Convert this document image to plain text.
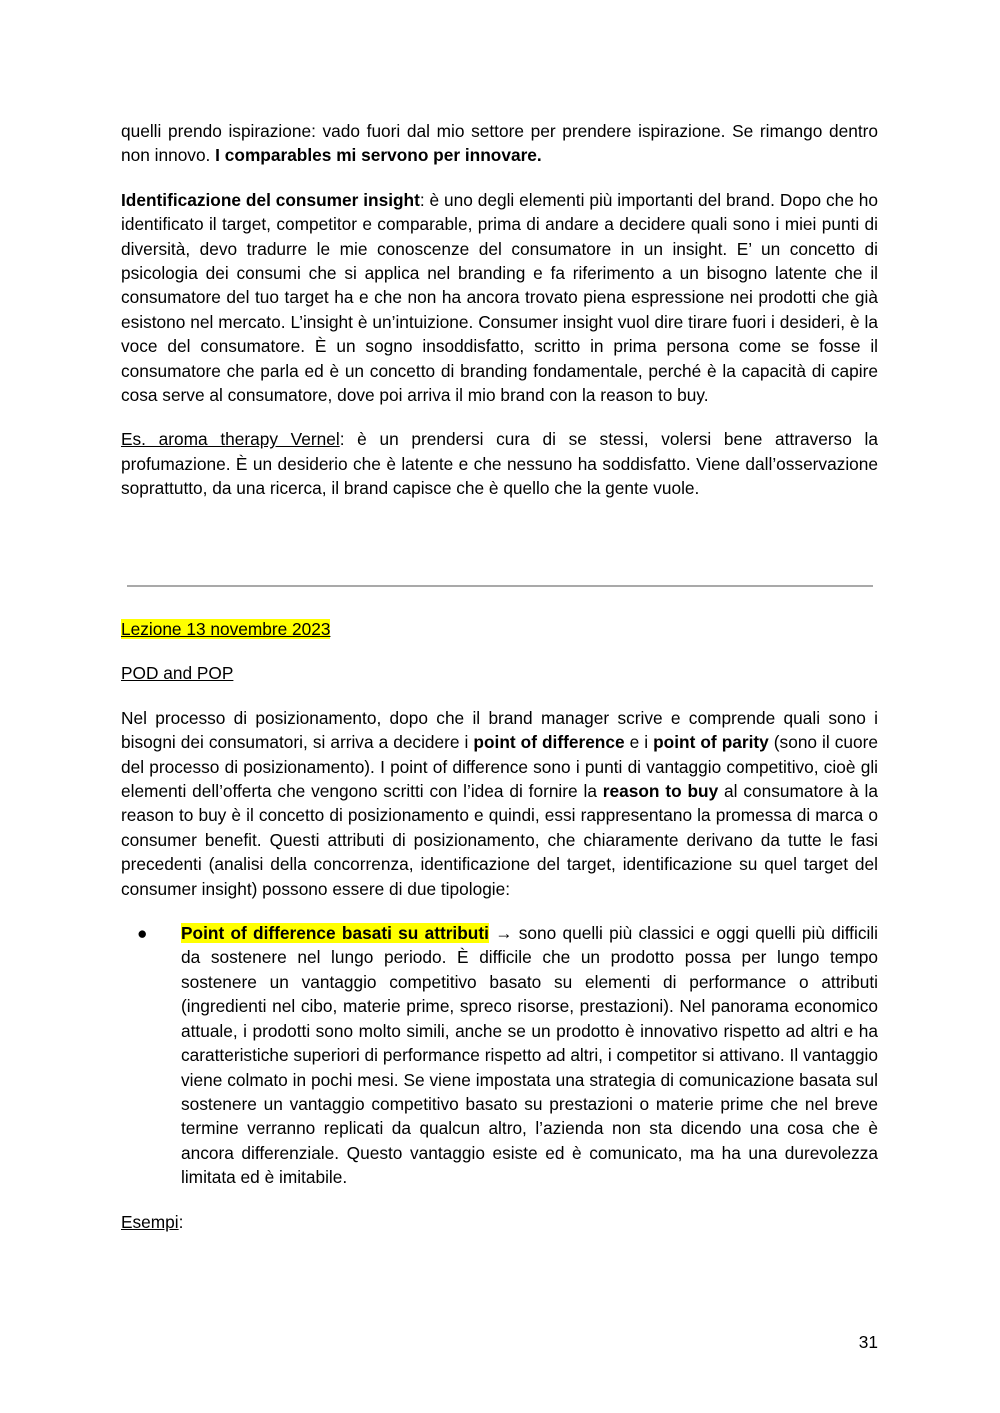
quelli prendo ispirazione: vado fuori dal mio settore per prendere ispirazione. Se rimango dentro non innovo. I comparables mi servono per innovare.

Identificazione del consumer insight: è uno degli elementi più importanti del brand. Dopo che ho identificato il target, competitor e comparable, prima di andare a decidere quali sono i miei punti di diversità, devo tradurre le mie conoscenze del consumatore in un insight. E’ un concetto di psicologia dei consumi che si applica nel branding e fa riferimento a un bisogno latente che il consumatore del tuo target ha e che non ha ancora trovato piena espressione nei prodotti che già esistono nel mercato. L’insight è un’intuizione. Consumer insight vuol dire tirare fuori i desideri, è la voce del consumatore. È un sogno insoddisfatto, scritto in prima persona come se fosse il consumatore che parla ed è un concetto di branding fondamentale, perché è la capacità di capire cosa serve al consumatore, dove poi arriva il mio brand con la reason to buy.

Es. aroma therapy Vernel: è un prendersi cura di se stessi, volersi bene attraverso la profumazione. È un desiderio che è latente e che nessuno ha soddisfatto. Viene dall’osservazione soprattutto, da una ricerca, il brand capisce che è quello che la gente vuole.

Lezione 13 novembre 2023

POD and POP

Nel processo di posizionamento, dopo che il brand manager scrive e comprende quali sono i bisogni dei consumatori, si arriva a decidere i point of difference e i point of parity (sono il cuore del processo di posizionamento). I point of difference sono i punti di vantaggio competitivo, cioè gli elementi dell’offerta che vengono scritti con l’idea di fornire la reason to buy al consumatore à la reason to buy è il concetto di posizionamento e quindi, essi rappresentano la promessa di marca o consumer benefit. Questi attributi di posizionamento, che chiaramente derivano da tutte le fasi precedenti (analisi della concorrenza, identificazione del target, identificazione su quel target del consumer insight) possono essere di due tipologie:

● Point of difference basati su attributi → sono quelli più classici e oggi quelli più difficili da sostenere nel lungo periodo. È difficile che un prodotto possa per lungo tempo sostenere un vantaggio competitivo basato su elementi di performance o attributi (ingredienti nel cibo, materie prime, spreco risorse, prestazioni). Nel panorama economico attuale, i prodotti sono molto simili, anche se un prodotto è innovativo rispetto ad altri e ha caratteristiche superiori di performance rispetto ad altri, i competitor si attivano. Il vantaggio viene colmato in pochi mesi. Se viene impostata una strategia di comunicazione basata sul sostenere un vantaggio competitivo basato su prestazioni o materie prime che nel breve termine verranno replicati da qualcun altro, l’azienda non sta dicendo una cosa che è ancora differenziale. Questo vantaggio esiste ed è comunicato, ma ha una durevolezza limitata ed è imitabile.

Esempi:

31
